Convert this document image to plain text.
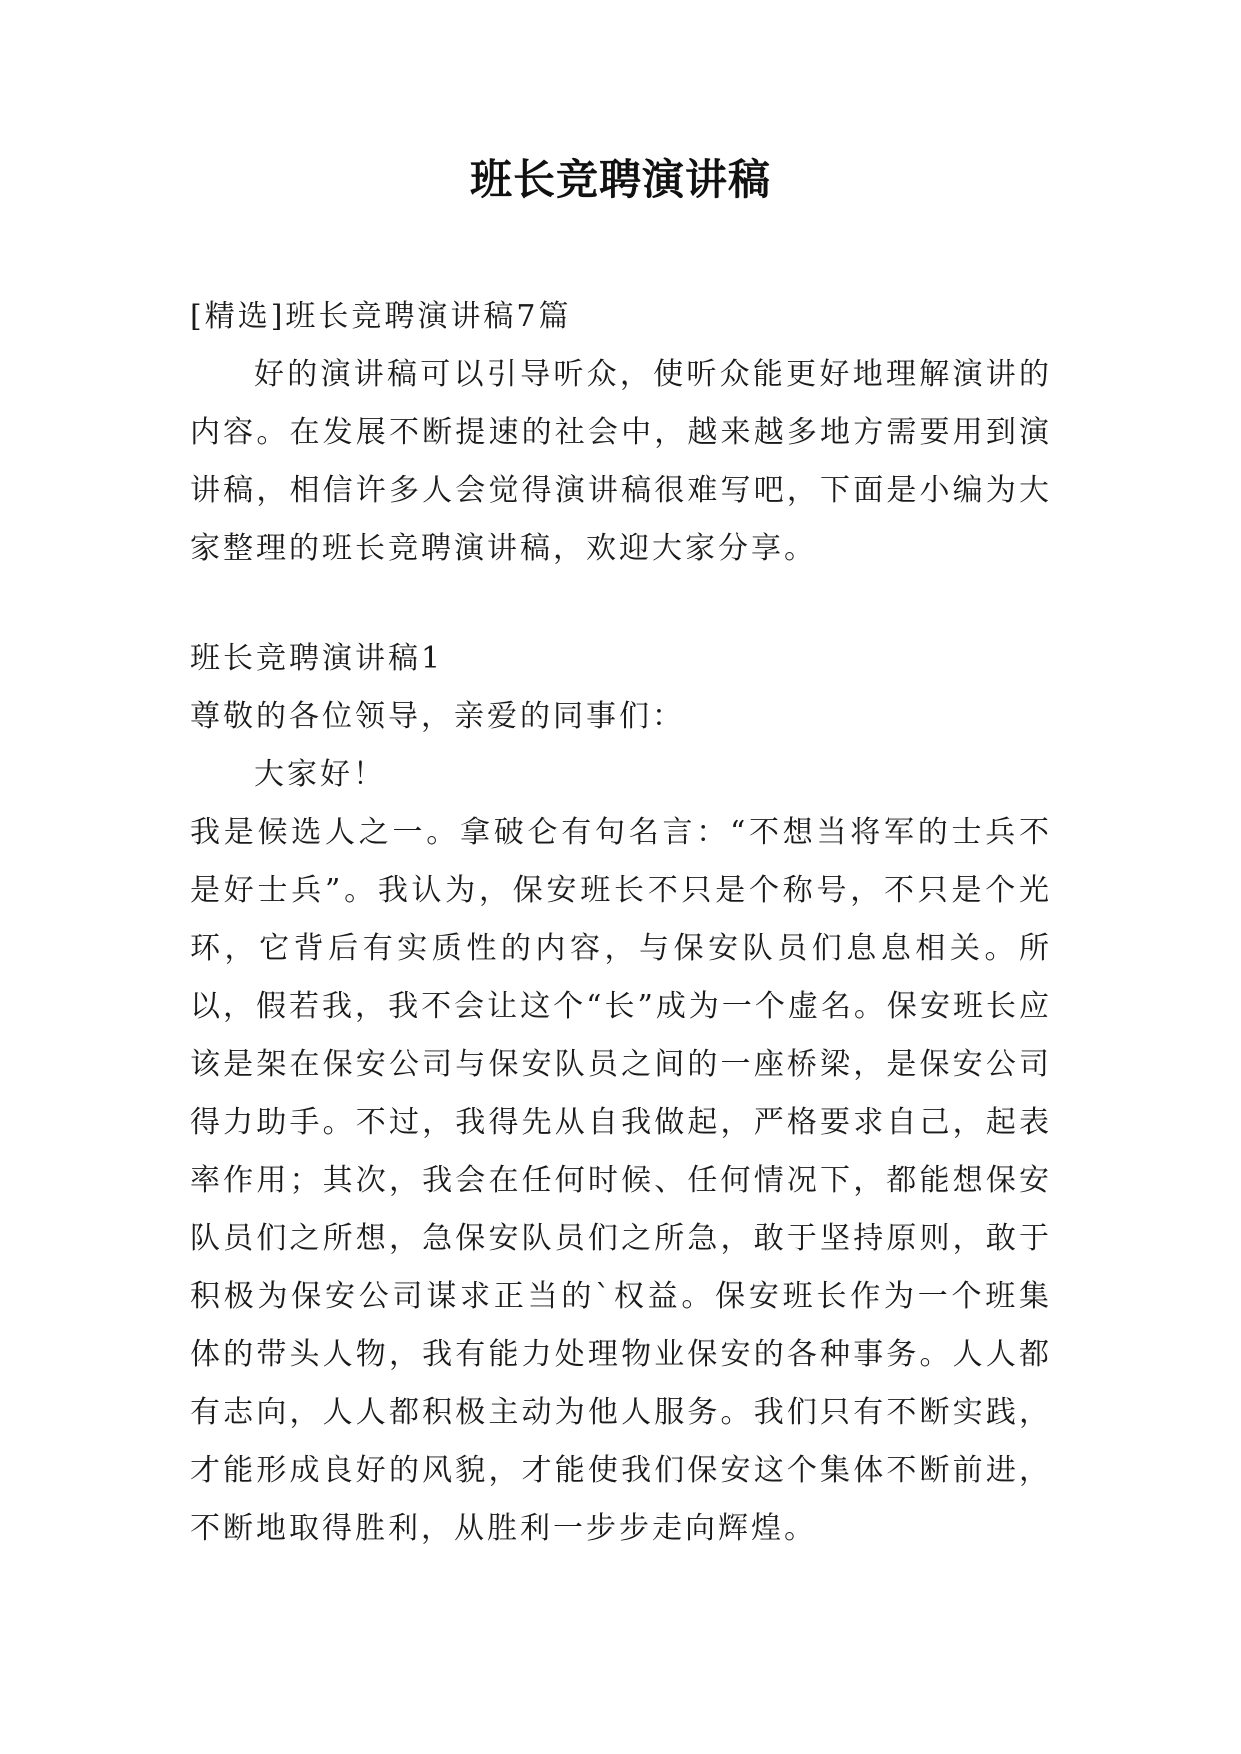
班长竞聘演讲稿

[精选]班长竞聘演讲稿7篇

好的演讲稿可以引导听众，使听众能更好地理解演讲的内容。在发展不断提速的社会中，越来越多地方需要用到演讲稿，相信许多人会觉得演讲稿很难写吧，下面是小编为大家整理的班长竞聘演讲稿，欢迎大家分享。

班长竞聘演讲稿1

尊敬的各位领导，亲爱的同事们：

大家好！

我是候选人之一。拿破仑有句名言：“不想当将军的士兵不是好士兵”。我认为，保安班长不只是个称号，不只是个光环，它背后有实质性的内容，与保安队员们息息相关。所以，假若我，我不会让这个“长”成为一个虚名。保安班长应该是架在保安公司与保安队员之间的一座桥梁，是保安公司得力助手。不过，我得先从自我做起，严格要求自己，起表率作用；其次，我会在任何时候、任何情况下，都能想保安队员们之所想，急保安队员们之所急，敢于坚持原则，敢于积极为保安公司谋求正当的`权益。保安班长作为一个班集体的带头人物，我有能力处理物业保安的各种事务。人人都有志向，人人都积极主动为他人服务。我们只有不断实践，才能形成良好的风貌，才能使我们保安这个集体不断前进，不断地取得胜利，从胜利一步步走向辉煌。
